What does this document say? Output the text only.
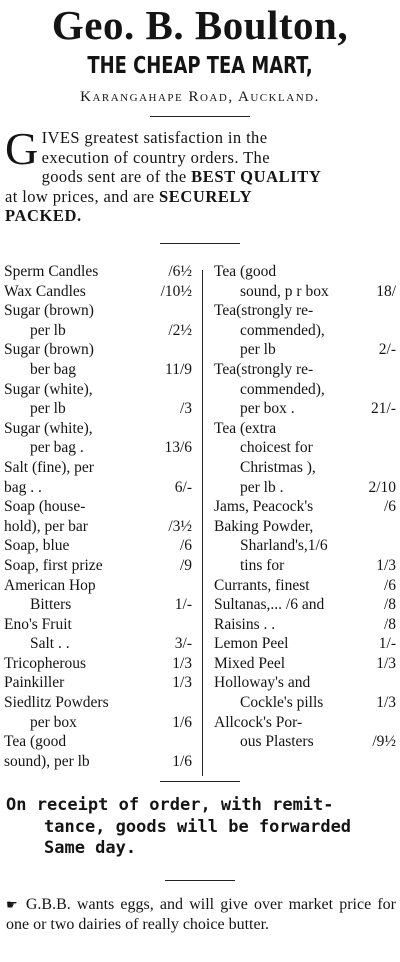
Geo. B. Boulton,
THE CHEAP TEA MART,
Karangahape Road, Auckland.
G IVES greatest satisfaction in the
execution of country orders. The
goods sent are of the BEST QUALITY
at low prices, and are SECURELY
PACKED.
Sperm Candles	/6½
Wax Candles	/10½
Sugar (brown)
per lb	/2½
Sugar (brown)
ber bag	11/9
Sugar (white),
per lb	/3
Sugar (white),
per bag .	13/6
Salt (fine), per
bag . .	6/-
Soap (house-
hold), per bar	/3½
Soap, blue	/6
Soap, first prize	/9
American Hop
Bitters	1/-
Eno's Fruit
Salt . .	3/-
Tricopherous	1/3
Painkiller	1/3
Siedlitz Powders
per box	1/6
Tea (good
sound), per lb	1/6
Tea (good
sound, p r box	18/
Tea(strongly re-
commended),
per lb	2/-
Tea(strongly re-
commended),
per box .	21/-
Tea (extra
choicest for
Christmas ),
per lb .	2/10
Jams, Peacock's	/6
Baking Powder,
Sharland's,1/6
tins for	1/3
Currants, finest	/6
Sultanas,... /6 and	/8
Raisins . .	/8
Lemon Peel	1/-
Mixed Peel	1/3
Holloway's and
Cockle's pills	1/3
Allcock's Por-
ous Plasters	/9½
On receipt of order, with remit-
tance, goods will be forwarded
Same day.
☛ G.B.B. wants eggs, and will give over market price for one or two dairies of really choice butter.
